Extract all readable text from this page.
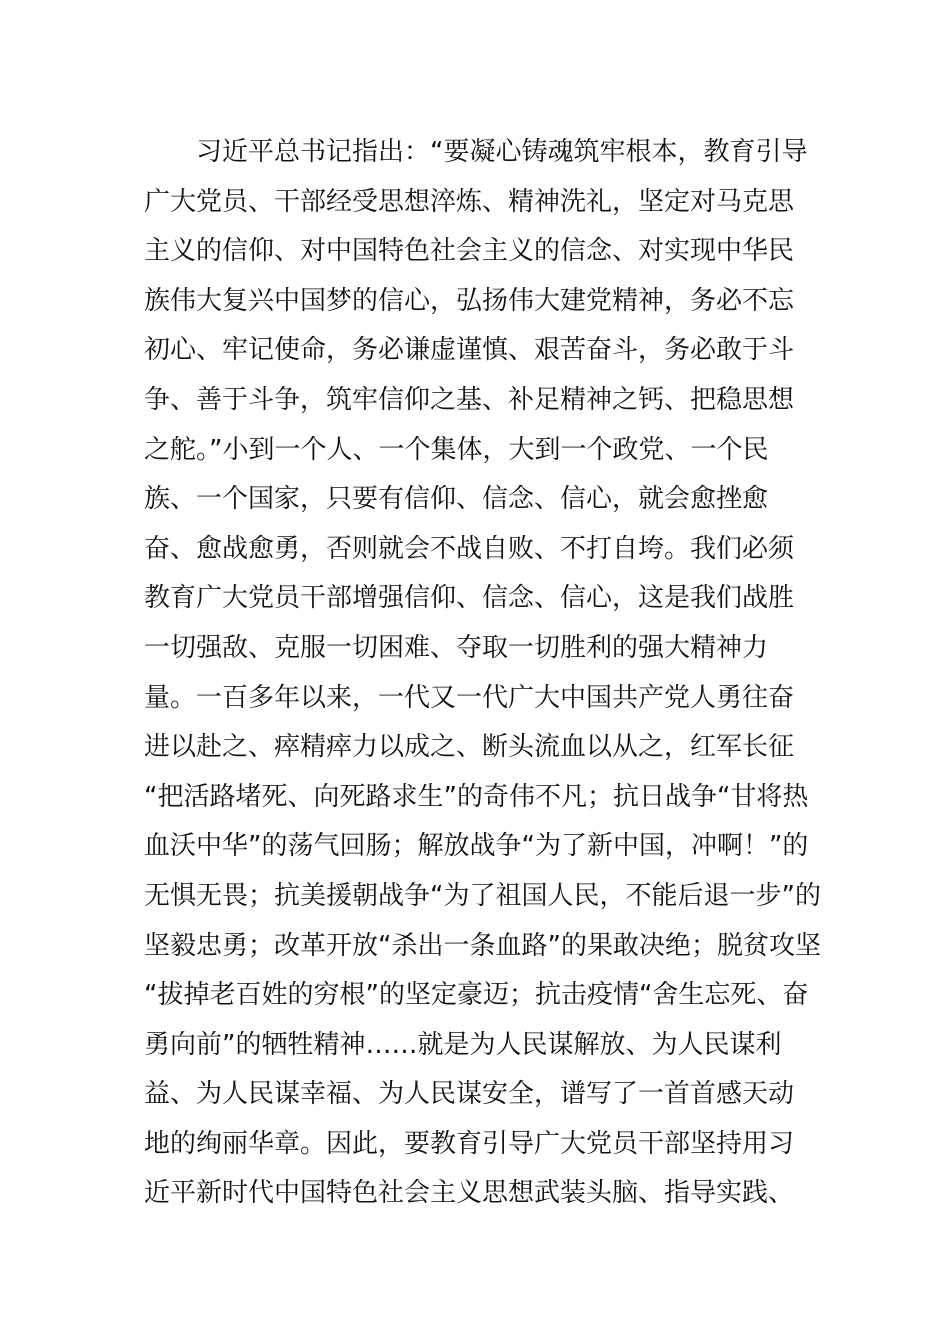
习近平总书记指出：“要凝心铸魂筑牢根本，教育引导
广大党员、干部经受思想淬炼、精神洗礼，坚定对马克思
主义的信仰、对中国特色社会主义的信念、对实现中华民
族伟大复兴中国梦的信心，弘扬伟大建党精神，务必不忘
初心、牢记使命，务必谦虚谨慎、艰苦奋斗，务必敢于斗
争、善于斗争，筑牢信仰之基、补足精神之钙、把稳思想
之舵。”小到一个人、一个集体，大到一个政党、一个民
族、一个国家，只要有信仰、信念、信心，就会愈挫愈
奋、愈战愈勇，否则就会不战自败、不打自垮。我们必须
教育广大党员干部增强信仰、信念、信心，这是我们战胜
一切强敌、克服一切困难、夺取一切胜利的强大精神力
量。一百多年以来，一代又一代广大中国共产党人勇往奋
进以赴之、瘁精瘁力以成之、断头流血以从之，红军长征
“把活路堵死、向死路求生”的奇伟不凡；抗日战争“甘将热
血沃中华”的荡气回肠；解放战争“为了新中国，冲啊！”的
无惧无畏；抗美援朝战争“为了祖国人民，不能后退一步”的
坚毅忠勇；改革开放“杀出一条血路”的果敢决绝；脱贫攻坚
“拔掉老百姓的穷根”的坚定豪迈；抗击疫情“舍生忘死、奋
勇向前”的牺牲精神……就是为人民谋解放、为人民谋利
益、为人民谋幸福、为人民谋安全，谱写了一首首感天动
地的绚丽华章。因此，要教育引导广大党员干部坚持用习
近平新时代中国特色社会主义思想武装头脑、指导实践、
